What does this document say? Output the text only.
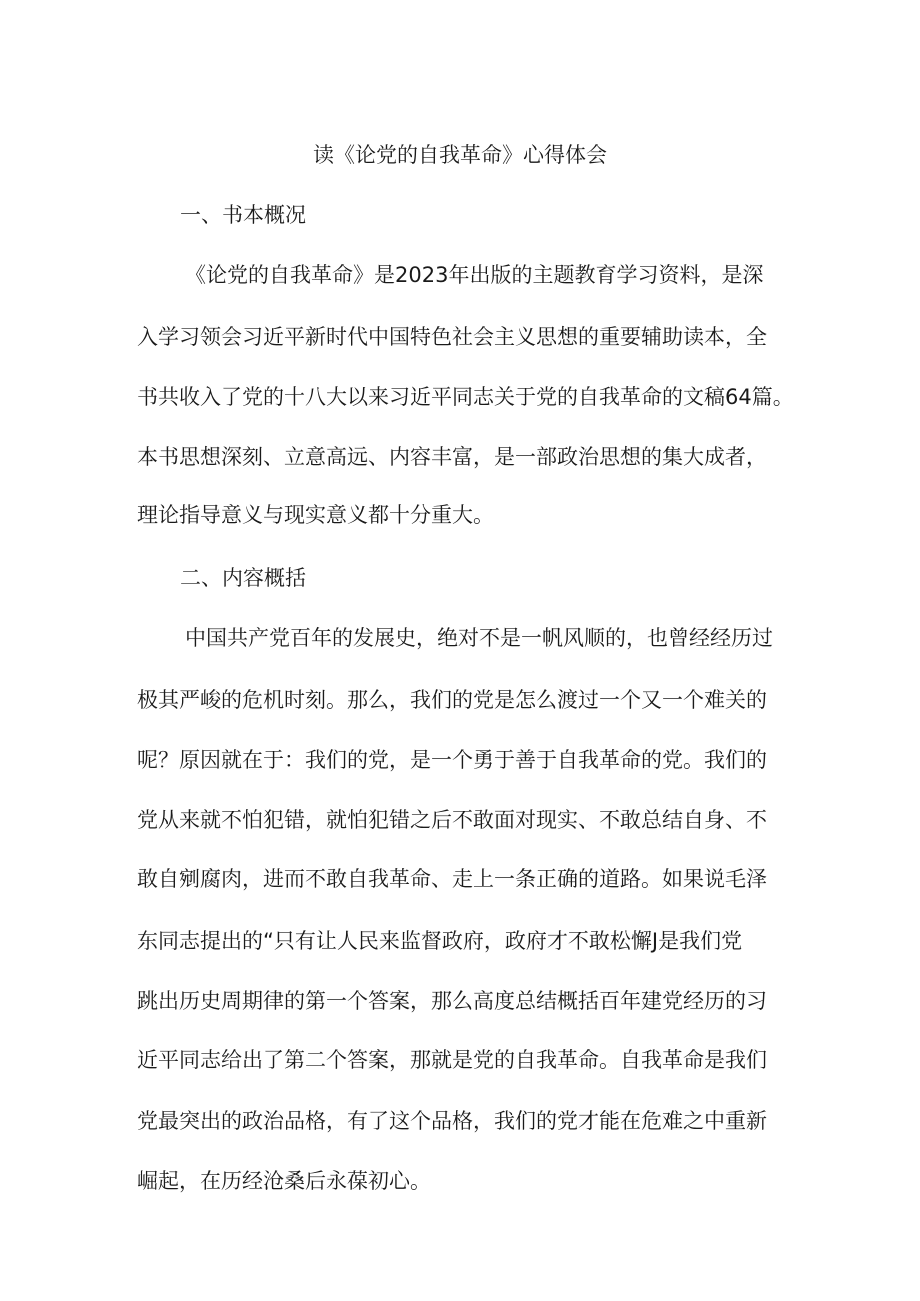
读《论党的自我革命》心得体会
一、书本概况
《论党的自我革命》是2023年出版的主题教育学习资料，是深
入学习领会习近平新时代中国特色社会主义思想的重要辅助读本，全
书共收入了党的十八大以来习近平同志关于党的自我革命的文稿64篇。
本书思想深刻、立意高远、内容丰富，是一部政治思想的集大成者，
理论指导意义与现实意义都十分重大。
二、内容概括
中国共产党百年的发展史，绝对不是一帆风顺的，也曾经经历过
极其严峻的危机时刻。那么，我们的党是怎么渡过一个又一个难关的
呢？原因就在于：我们的党，是一个勇于善于自我革命的党。我们的
党从来就不怕犯错，就怕犯错之后不敢面对现实、不敢总结自身、不
敢自剜腐肉，进而不敢自我革命、走上一条正确的道路。如果说毛泽
东同志提出的“只有让人民来监督政府，政府才不敢松懈J是我们党
跳出历史周期律的第一个答案，那么高度总结概括百年建党经历的习
近平同志给出了第二个答案，那就是党的自我革命。自我革命是我们
党最突出的政治品格，有了这个品格，我们的党才能在危难之中重新
崛起，在历经沧桑后永葆初心。
